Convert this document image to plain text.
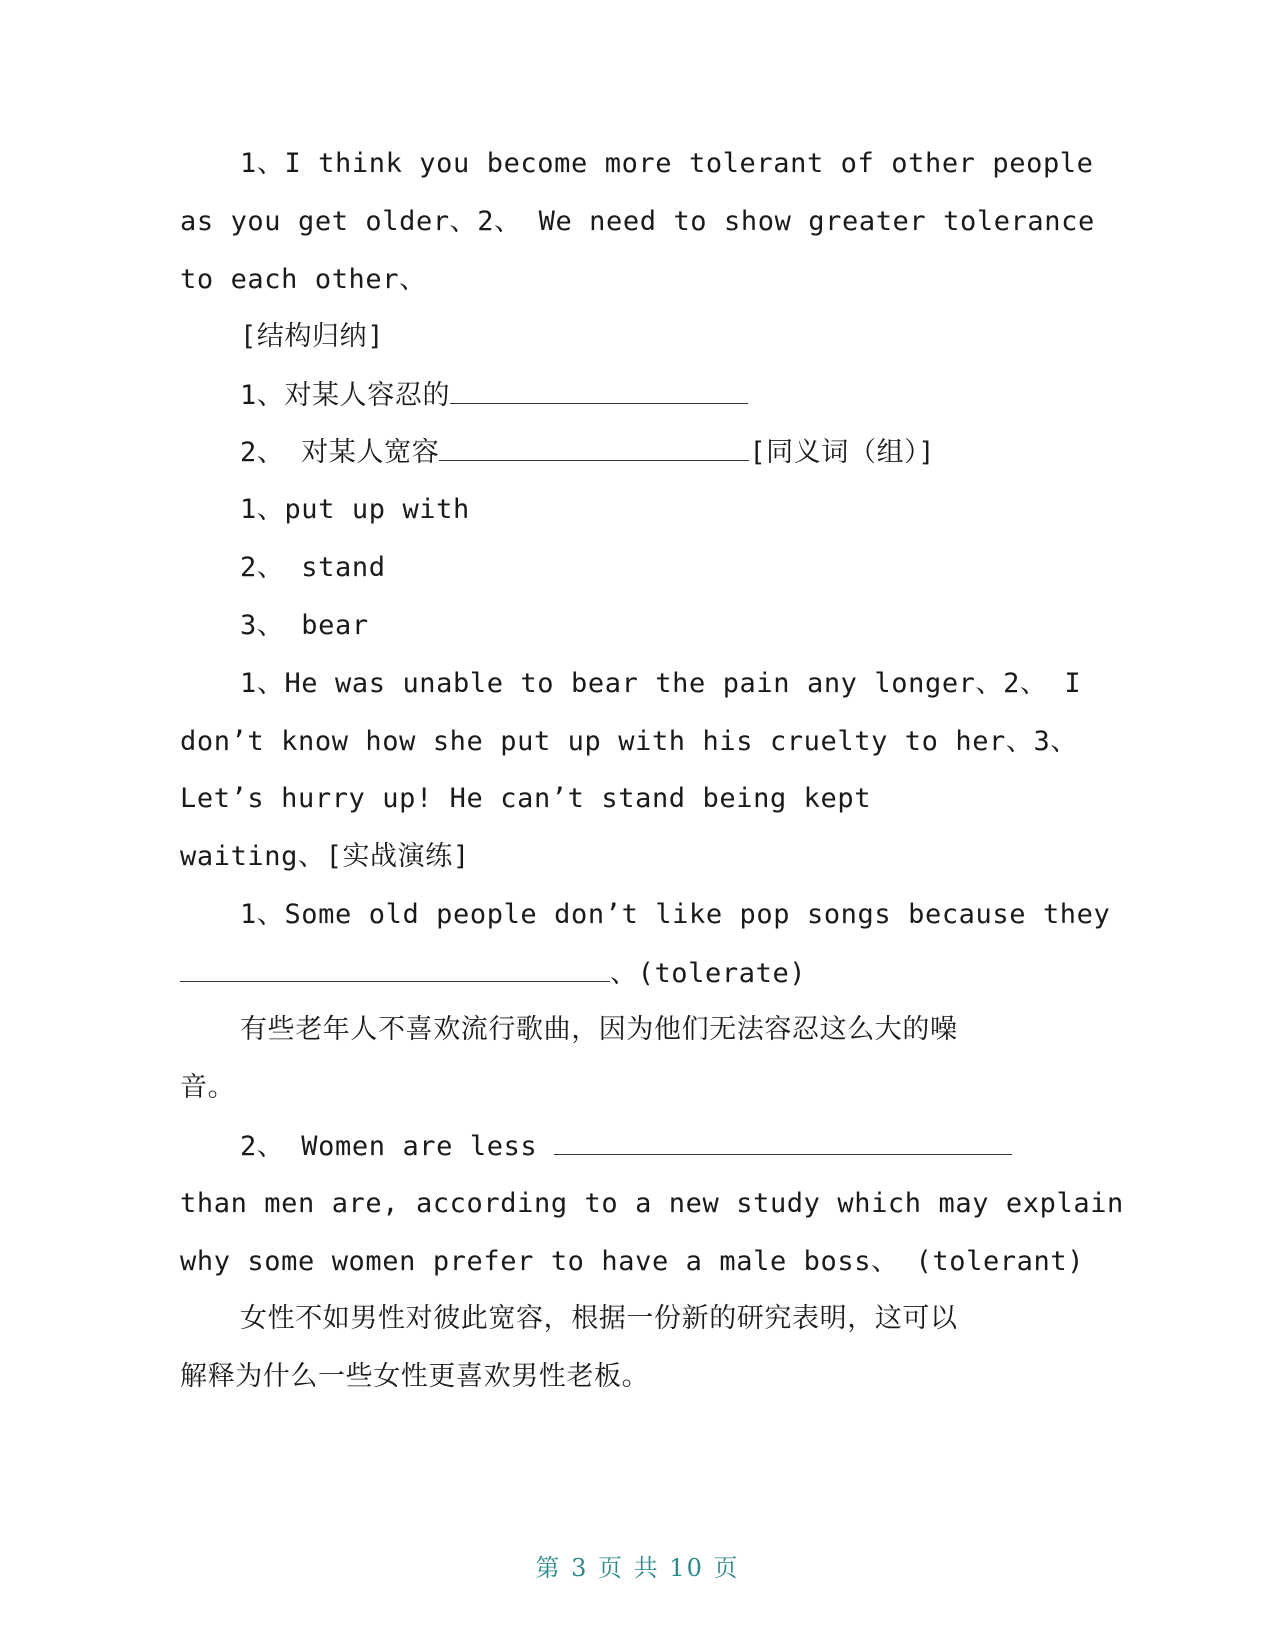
1、I think you become more tolerant of other people
as you get older、2、 We need to show greater tolerance
to each other、
[结构归纳]
1、对某人容忍的
2、 对某人宽容	[同义词（组）]
1、put up with
2、 stand
3、 bear
1、He was unable to bear the pain any longer、2、 I
don’t know how she put up with his cruelty to her、3、
Let’s hurry up! He can’t stand being kept
waiting、[实战演练]
1、Some old people don’t like pop songs because they
、(tolerate)
有些老年人不喜欢流行歌曲，因为他们无法容忍这么大的噪
音。
2、 Women are less
than men are, according to a new study which may explain
why some women prefer to have a male boss、 (tolerant)
女性不如男性对彼此宽容，根据一份新的研究表明，这可以
解释为什么一些女性更喜欢男性老板。
第 3 页 共 10 页
